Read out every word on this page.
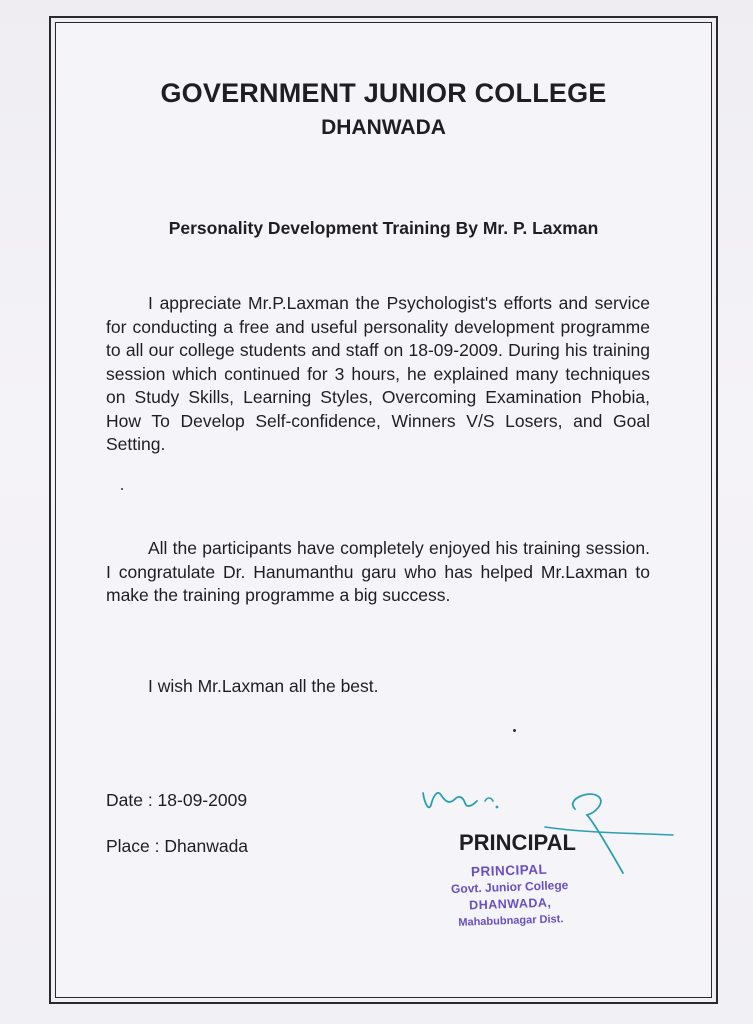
GOVERNMENT JUNIOR COLLEGE
DHANWADA
Personality Development Training By Mr. P. Laxman
I appreciate Mr.P.Laxman the Psychologist's efforts and service for conducting a free and useful personality development programme to all our college students and staff on 18-09-2009. During his training session which continued for 3 hours, he explained many techniques on Study Skills, Learning Styles, Overcoming Examination Phobia, How To Develop Self-confidence, Winners V/S Losers, and Goal Setting.
All the participants have completely enjoyed his training session. I congratulate Dr. Hanumanthu garu who has helped Mr.Laxman to make the training programme a big success.
I wish Mr.Laxman all the best.
Date : 18-09-2009
Place : Dhanwada	PRINCIPAL
PRINCIPAL
Govt. Junior College
DHANWADA,
Mahabubnagar Dist.
